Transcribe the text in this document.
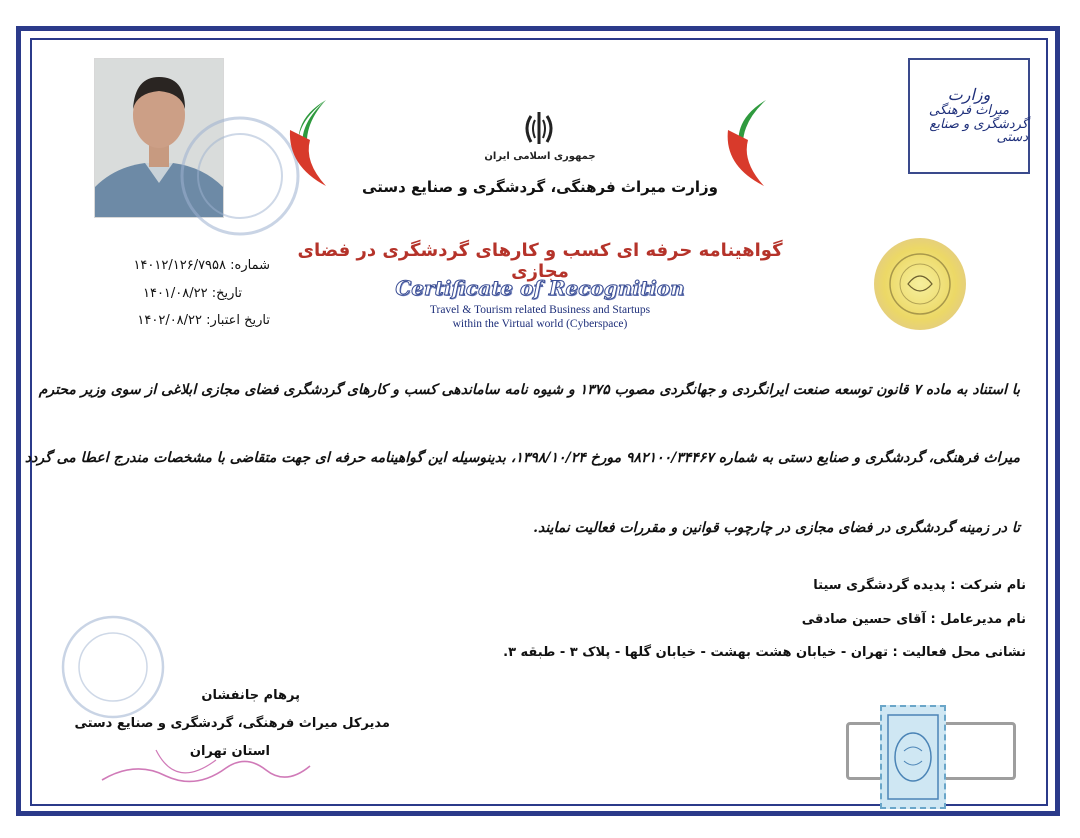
جمهوری اسلامی ایران
وزارت میراث فرهنگی، گردشگری و صنایع دستی
وزارت
میراث فرهنگی
گردشگری و صنایع دستی
گواهینامه حرفه ای کسب و کارهای گردشگری در فضای مجازی
Certificate of Recognition
Travel & Tourism related Business and Startups
within the Virtual world (Cyberspace)
شماره: ۱۴۰۱۲/۱۲۶/۷۹۵۸
تاریخ: ۱۴۰۱/۰۸/۲۲
تاریخ اعتبار: ۱۴۰۲/۰۸/۲۲
با استناد به ماده ۷ قانون توسعه صنعت ایرانگردی و جهانگردی مصوب ۱۳۷۵ و شیوه نامه ساماندهی کسب و کارهای گردشگری فضای مجازی ابلاغی از سوی وزیر محترم
میراث فرهنگی، گردشگری و صنایع دستی به شماره ۹۸۲۱۰۰/۳۴۴۶۷ مورخ ۱۳۹۸/۱۰/۲۴، بدینوسیله این گواهینامه حرفه ای جهت متقاضی با مشخصات مندرج اعطا می گردد
تا در زمینه گردشگری در فضای مجازی در چارچوب قوانین و مقررات فعالیت نمایند.
نام شرکت : پدیده گردشگری سیتا
نام مدیرعامل : آقای حسین صادقی
نشانی محل فعالیت : تهران - خیابان هشت بهشت - خیابان گلها - پلاک ۳ - طبقه ۳.
پرهام جانفشان
مدیرکل میراث فرهنگی، گردشگری و صنایع دستی
استان تهران
